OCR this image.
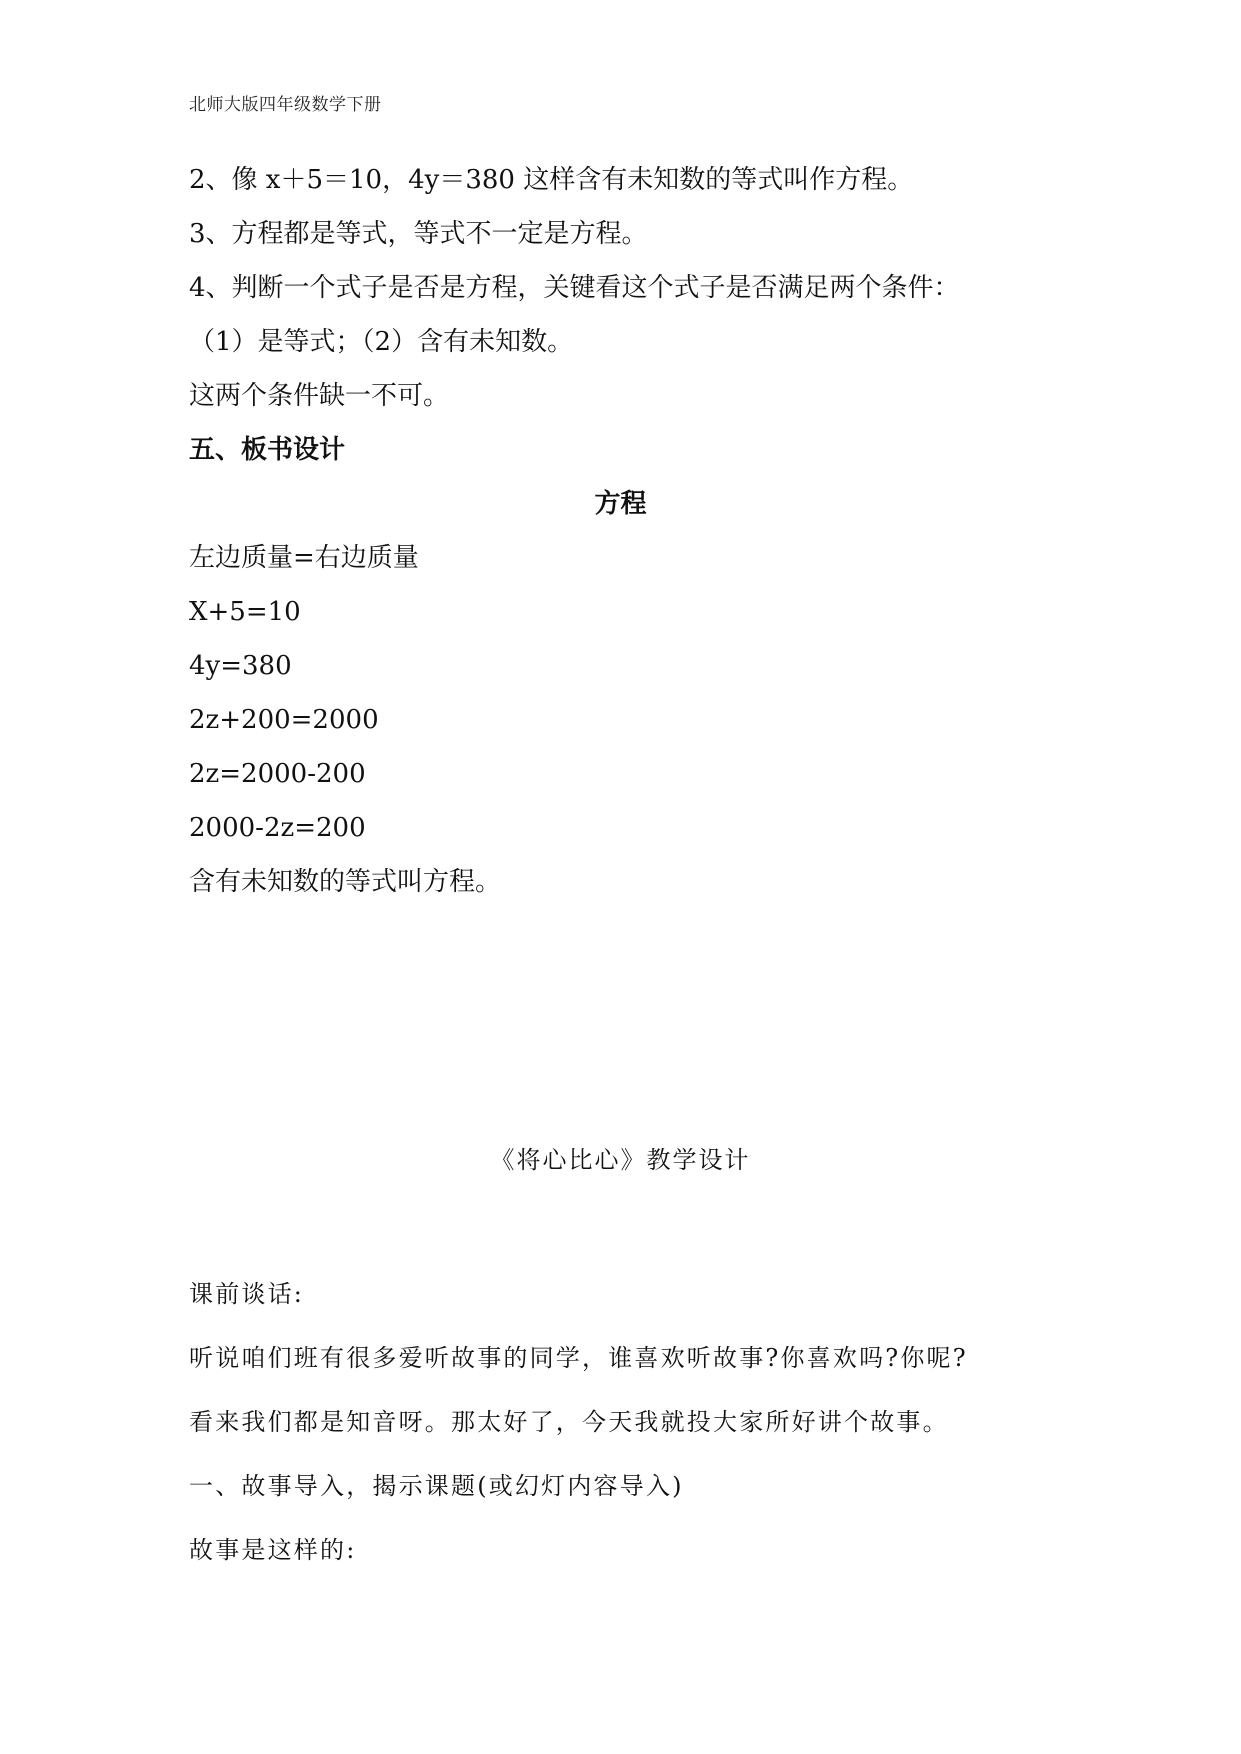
北师大版四年级数学下册

2、像 x＋5＝10，4y＝380 这样含有未知数的等式叫作方程。

3、方程都是等式，等式不一定是方程。

4、判断一个式子是否是方程，关键看这个式子是否满足两个条件：

（1）是等式；（2）含有未知数。

这两个条件缺一不可。

五、板书设计
方程

左边质量=右边质量

X+5=10

4y=380

2z+200=2000

2z=2000-200

2000-2z=200

含有未知数的等式叫方程。

《将心比心》教学设计

课前谈话:

听说咱们班有很多爱听故事的同学，谁喜欢听故事?你喜欢吗?你呢?

看来我们都是知音呀。那太好了，今天我就投大家所好讲个故事。

一、故事导入，揭示课题(或幻灯内容导入)

故事是这样的:
